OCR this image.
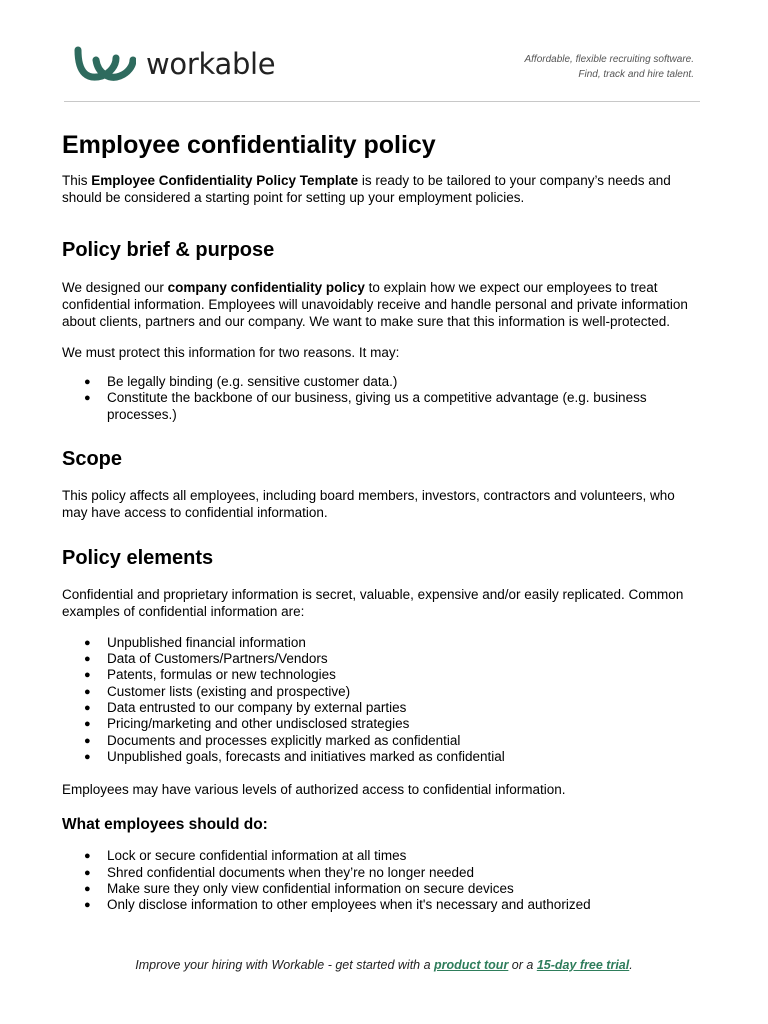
workable	Affordable, flexible recruiting software.
Find, track and hire talent.
Employee confidentiality policy

This Employee Confidentiality Policy Template is ready to be tailored to your company’s needs and should be considered a starting point for setting up your employment policies.

Policy brief & purpose

We designed our company confidentiality policy to explain how we expect our employees to treat confidential information. Employees will unavoidably receive and handle personal and private information about clients, partners and our company. We want to make sure that this information is well-protected.

We must protect this information for two reasons. It may:

● Be legally binding (e.g. sensitive customer data.)
● Constitute the backbone of our business, giving us a competitive advantage (e.g. business processes.)
Scope

This policy affects all employees, including board members, investors, contractors and volunteers, who may have access to confidential information.

Policy elements

Confidential and proprietary information is secret, valuable, expensive and/or easily replicated. Common examples of confidential information are:

● Unpublished financial information
● Data of Customers/Partners/Vendors
● Patents, formulas or new technologies
● Customer lists (existing and prospective)
● Data entrusted to our company by external parties
● Pricing/marketing and other undisclosed strategies
● Documents and processes explicitly marked as confidential
● Unpublished goals, forecasts and initiatives marked as confidential

Employees may have various levels of authorized access to confidential information.

What employees should do:
● Lock or secure confidential information at all times
● Shred confidential documents when they’re no longer needed
● Make sure they only view confidential information on secure devices
● Only disclose information to other employees when it's necessary and authorized
Improve your hiring with Workable - get started with a product tour or a 15-day free trial.
